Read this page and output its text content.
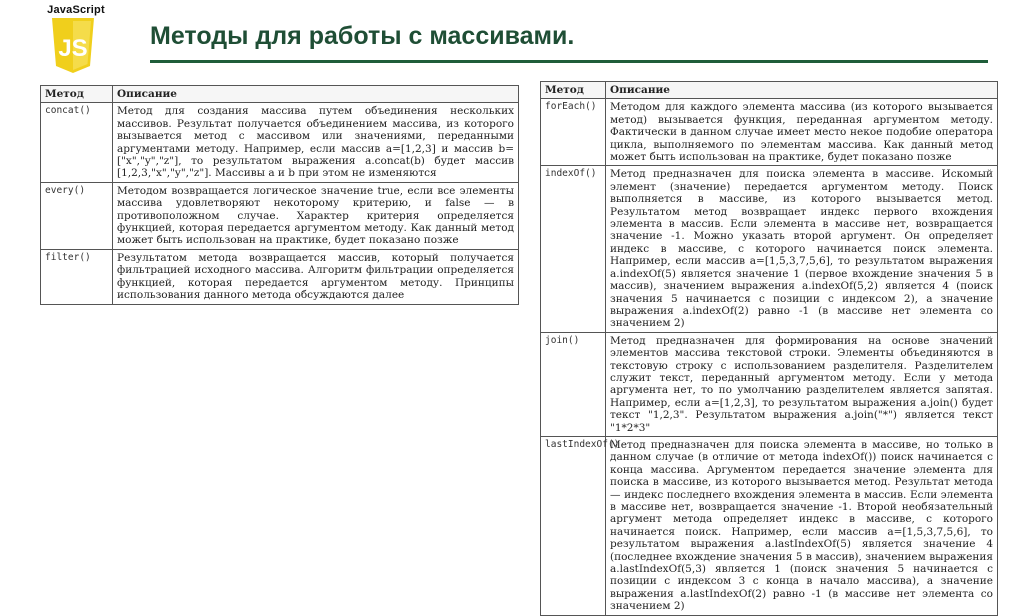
JavaScript
JS Методы для работы с массивами.
Метод	Описание
concat()	Метод для создания массива путем объединения нескольких массивов. Результат получается объединением массива, из которого вызывается метод с массивом или значениями, переданными аргументами методу. Например, если массив a=[1,2,3] и массив b=["x","y","z"], то результатом выражения a.concat(b) будет массив [1,2,3,"x","y","z"]. Массивы a и b при этом не изменяются
every()	Методом возвращается логическое значение true, если все элементы массива удовлетворяют некоторому критерию, и false — в противоположном случае. Характер критерия определяется функцией, которая передается аргументом методу. Как данный метод может быть использован на практике, будет показано позже
filter()	Результатом метода возвращается массив, который получается фильтрацией исходного массива. Алгоритм фильтрации определяется функцией, которая передается аргументом методу. Принципы использования данного метода обсуждаются далее
Метод	Описание
forEach()	Методом для каждого элемента массива (из которого вызывается метод) вызывается функция, переданная аргументом методу. Фактически в данном случае имеет место некое подобие оператора цикла, выполняемого по элементам массива. Как данный метод может быть использован на практике, будет показано позже
indexOf()	Метод предназначен для поиска элемента в массиве. Искомый элемент (значение) передается аргументом методу. Поиск выполняется в массиве, из которого вызывается метод. Результатом метод возвращает индекс первого вхождения элемента в массив. Если элемента в массиве нет, возвращается значение -1. Можно указать второй аргумент. Он определяет индекс в массиве, с которого начинается поиск элемента. Например, если массив a=[1,5,3,7,5,6], то результатом выражения a.indexOf(5) является значение 1 (первое вхождение значения 5 в массив), значением выражения a.indexOf(5,2) является 4 (поиск значения 5 начинается с позиции с индексом 2), а значение выражения a.indexOf(2) равно -1 (в массиве нет элемента со значением 2)
join()	Метод предназначен для формирования на основе значений элементов массива текстовой строки. Элементы объединяются в текстовую строку с использованием разделителя. Разделителем служит текст, переданный аргументом методу. Если у метода аргумента нет, то по умолчанию разделителем является запятая. Например, если a=[1,2,3], то результатом выражения a.join() будет текст "1,2,3". Результатом выражения a.join("*") является текст "1*2*3"
lastIndexOf()	Метод предназначен для поиска элемента в массиве, но только в данном случае (в отличие от метода indexOf()) поиск начинается с конца массива. Аргументом передается значение элемента для поиска в массиве, из которого вызывается метод. Результат метода — индекс последнего вхождения элемента в массив. Если элемента в массиве нет, возвращается значение -1. Второй необязательный аргумент метода определяет индекс в массиве, с которого начинается поиск. Например, если массив a=[1,5,3,7,5,6], то результатом выражения a.lastIndexOf(5) является значение 4 (последнее вхождение значения 5 в массив), значением выражения a.lastIndexOf(5,3) является 1 (поиск значения 5 начинается с позиции с индексом 3 с конца в начало массива), а значение выражения a.lastIndexOf(2) равно -1 (в массиве нет элемента со значением 2)
